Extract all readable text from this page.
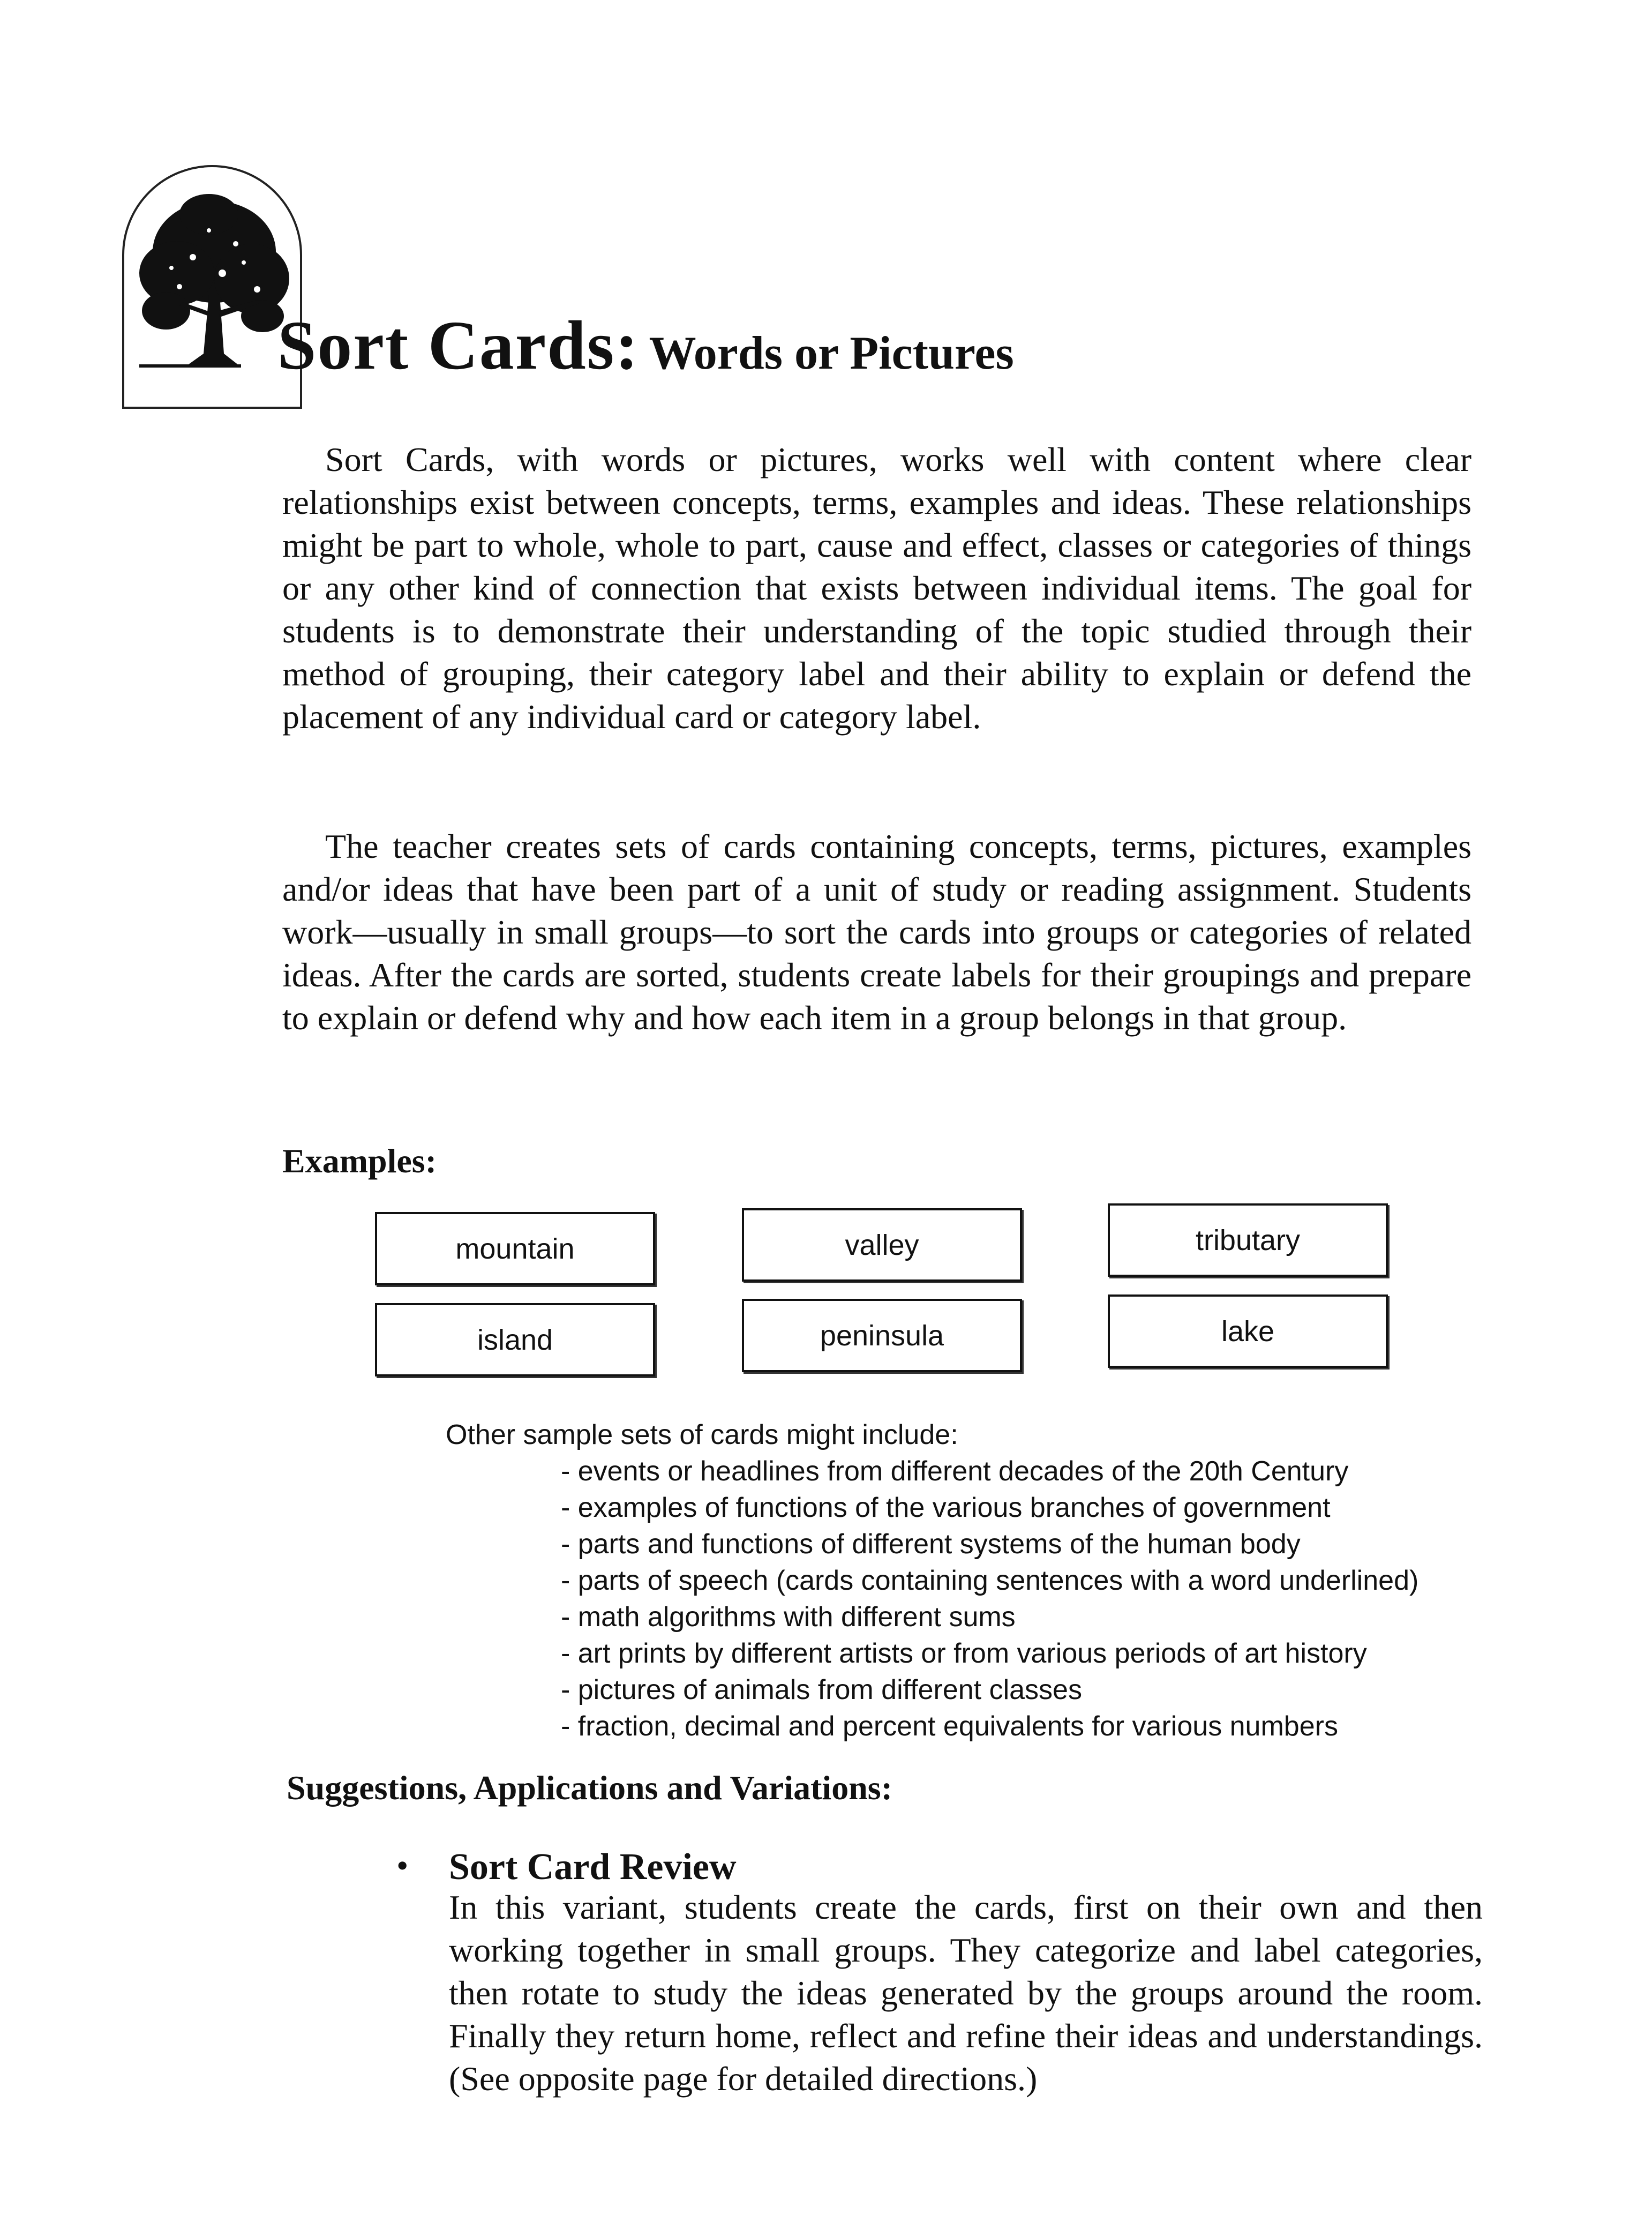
Sort Cards: Words or Pictures

Sort Cards, with words or pictures, works well with content where clear relationships exist between concepts, terms, examples and ideas. These relationships might be part to whole, whole to part, cause and effect, classes or categories of things or any other kind of connection that exists between individual items. The goal for students is to demonstrate their understanding of the topic studied through their method of grouping, their category label and their ability to explain or defend the placement of any individual card or category label.

The teacher creates sets of cards containing concepts, terms, pictures, examples and/or ideas that have been part of a unit of study or reading assignment. Students work—usually in small groups—to sort the cards into groups or categories of related ideas. After the cards are sorted, students create labels for their groupings and prepare to explain or defend why and how each item in a group belongs in that group.

Examples:
mountain	valley	tributary
island	peninsula	lake
Other sample sets of cards might include:
- events or headlines from different decades of the 20th Century
- examples of functions of the various branches of government
- parts and functions of different systems of the human body
- parts of speech (cards containing sentences with a word underlined)
- math algorithms with different sums
- art prints by different artists or from various periods of art history
- pictures of animals from different classes
- fraction, decimal and percent equivalents for various numbers
Suggestions, Applications and Variations:
• Sort Card Review

In this variant, students create the cards, first on their own and then working together in small groups. They categorize and label categories, then rotate to study the ideas generated by the groups around the room. Finally they return home, reflect and refine their ideas and understandings. (See opposite page for detailed directions.)
